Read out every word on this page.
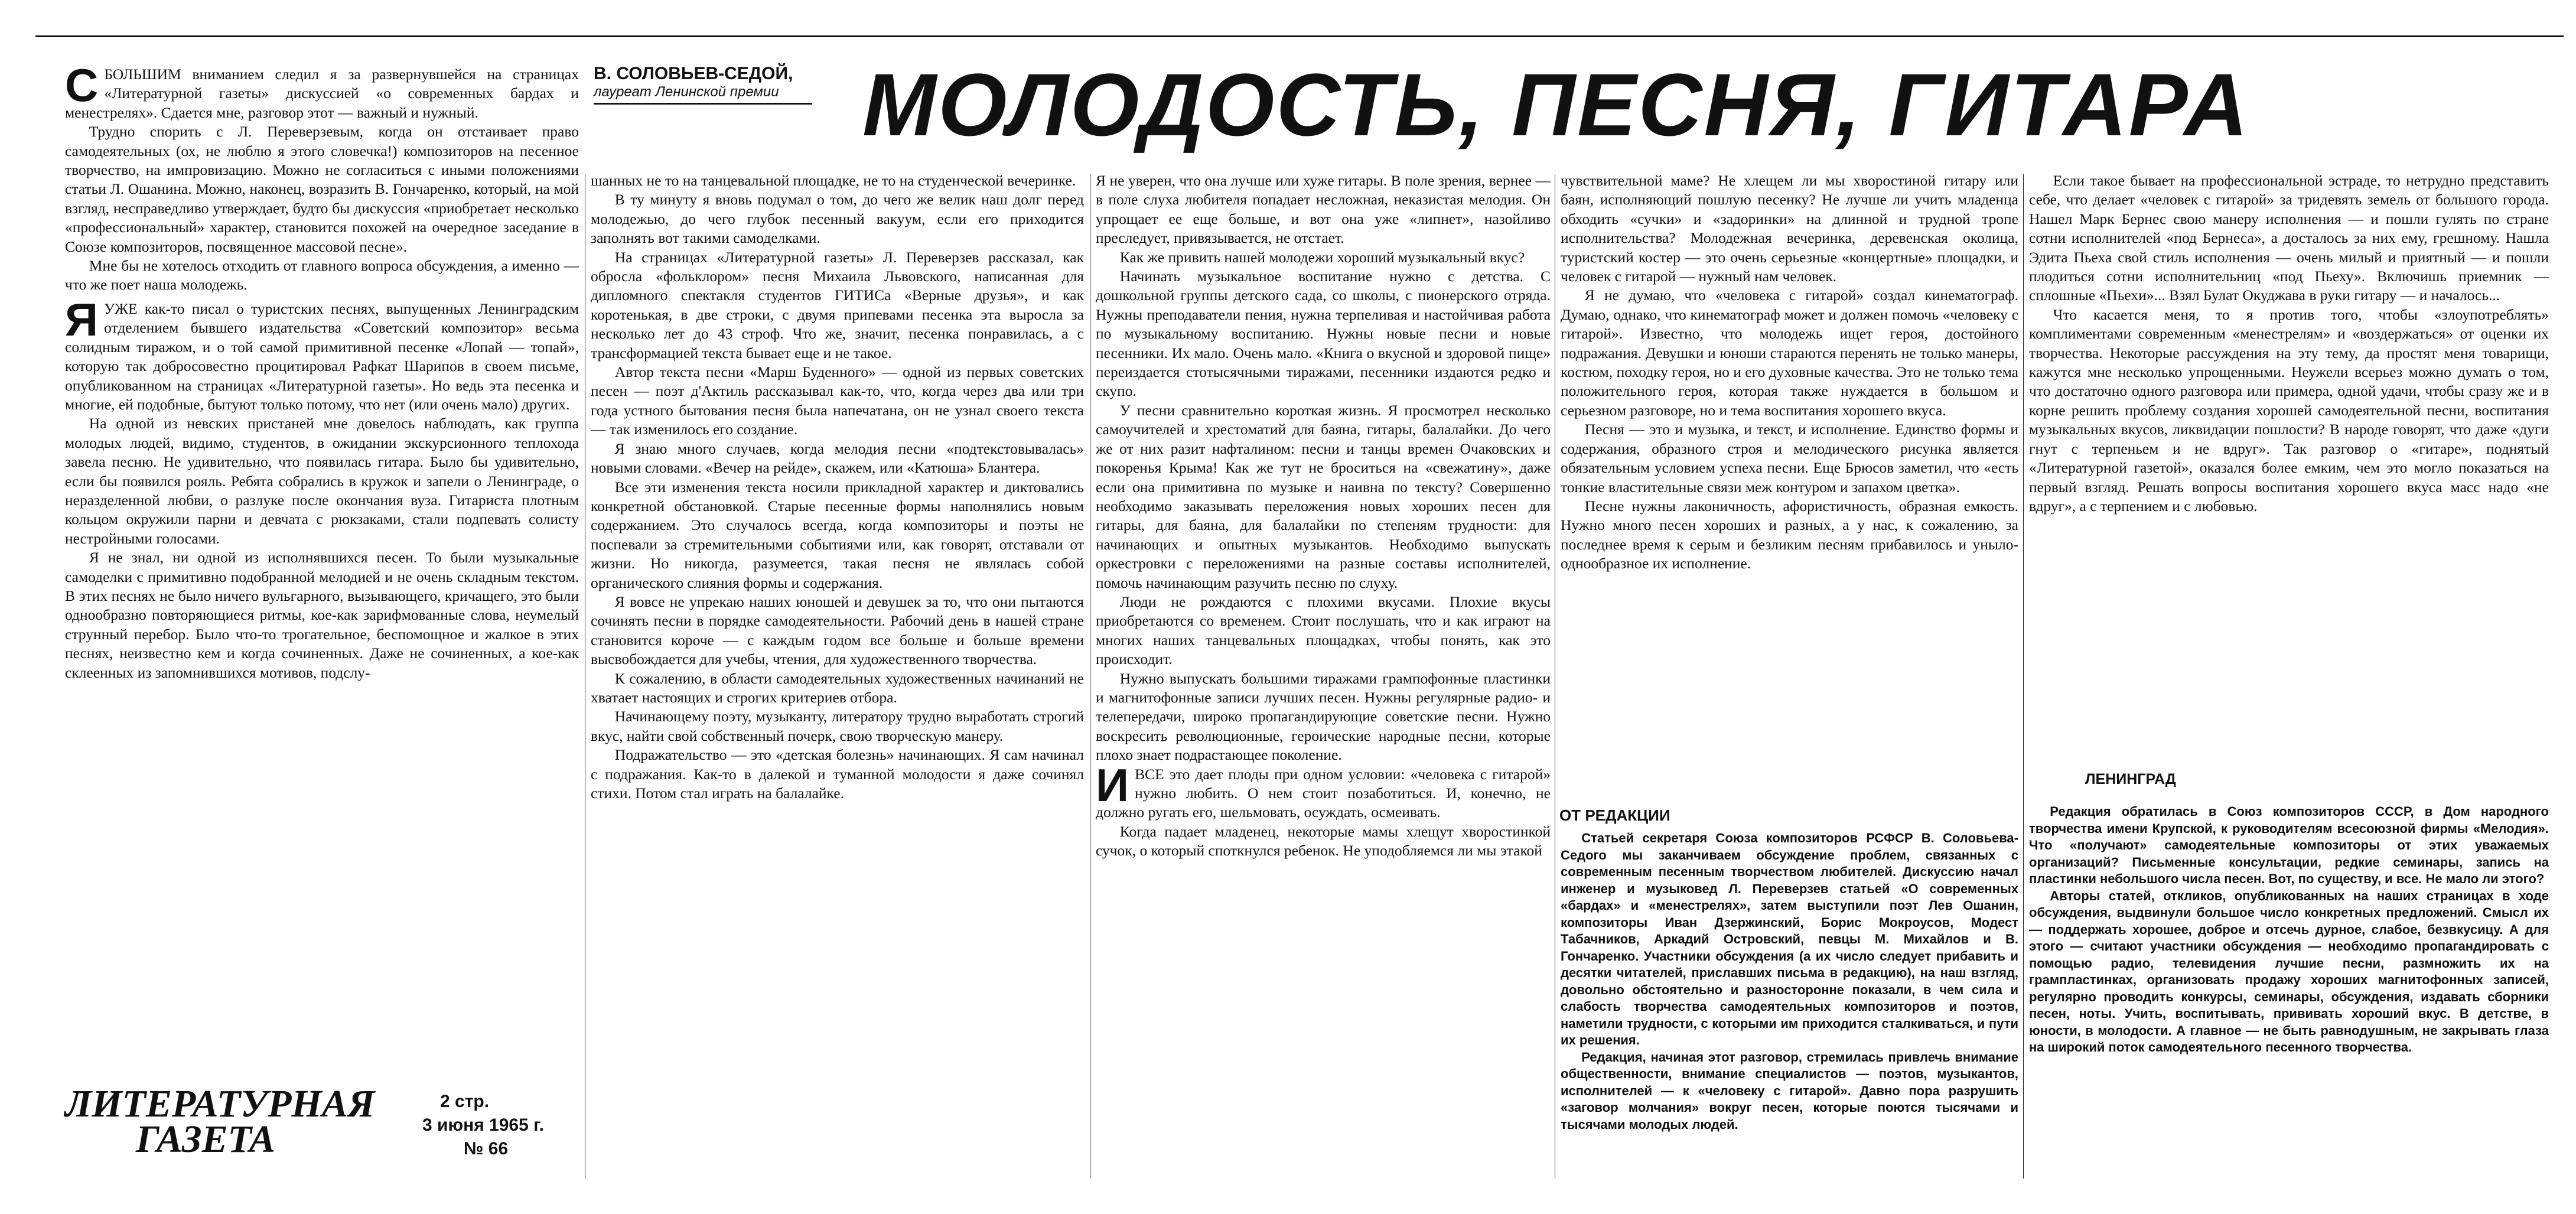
В. СОЛОВЬЕВ-СЕДОЙ,
лауреат Ленинской премии МОЛОДОСТЬ, ПЕСНЯ, ГИТАРА

СБОЛЬШИМ вниманием следил я за развернувшейся на страницах «Литературной газеты» дискуссией «о современных бардах и менестрелях». Сдается мне, разговор этот — важный и нужный.

Трудно спорить с Л. Переверзевым, когда он отстаивает право самодеятельных (ох, не люблю я этого словечка!) композиторов на песенное творчество, на импровизацию. Можно не согласиться с иными положениями статьи Л. Ошанина. Можно, наконец, возразить В. Гончаренко, который, на мой взгляд, несправедливо утверждает, будто бы дискуссия «приобретает несколько «профессиональный» характер, становится похожей на очередное заседание в Союзе композиторов, посвященное массовой песне».

Мне бы не хотелось отходить от главного вопроса обсуждения, а именно — что же поет наша молодежь.

ЯУЖЕ как-то писал о туристских песнях, выпущенных Ленинградским отделением бывшего издательства «Советский композитор» весьма солидным тиражом, и о той самой примитивной песенке «Лопай — топай», которую так добросовестно процитировал Рафкат Шарипов в своем письме, опубликованном на страницах «Литературной газеты». Но ведь эта песенка и многие, ей подобные, бытуют только потому, что нет (или очень мало) других.

На одной из невских пристаней мне довелось наблюдать, как группа молодых людей, видимо, студентов, в ожидании экскурсионного теплохода завела песню. Не удивительно, что появилась гитара. Было бы удивительно, если бы появился рояль. Ребята собрались в кружок и запели о Ленинграде, о неразделенной любви, о разлуке после окончания вуза. Гитариста плотным кольцом окружили парни и девчата с рюкзаками, стали подпевать солисту нестройными голосами.

Я не знал, ни одной из исполнявшихся песен. То были музыкальные самоделки с примитивно подобранной мелодией и не очень складным текстом. В этих песнях не было ничего вульгарного, вызывающего, кричащего, это были однообразно повторяющиеся ритмы, кое-как зарифмованные слова, неумелый струнный перебор. Было что-то трогательное, беспомощное и жалкое в этих песнях, неизвестно кем и когда сочиненных. Даже не сочиненных, а кое-как склеенных из запомнившихся мотивов, подслу-

шанных не то на танцевальной площадке, не то на студенческой вечеринке.

В ту минуту я вновь подумал о том, до чего же велик наш долг перед молодежью, до чего глубок песенный вакуум, если его приходится заполнять вот такими самоделками.

На страницах «Литературной газеты» Л. Переверзев рассказал, как обросла «фольклором» песня Михаила Львовского, написанная для дипломного спектакля студентов ГИТИСа «Верные друзья», и как коротенькая, в две строки, с двумя припевами песенка эта выросла за несколько лет до 43 строф. Что же, значит, песенка понравилась, а с трансформацией текста бывает еще и не такое.

Автор текста песни «Марш Буденного» — одной из первых советских песен — поэт д'Актиль рассказывал как-то, что, когда через два или три года устного бытования песня была напечатана, он не узнал своего текста — так изменилось его создание.

Я знаю много случаев, когда мелодия песни «подтекстовывалась» новыми словами. «Вечер на рейде», скажем, или «Катюша» Блантера.

Все эти изменения текста носили прикладной характер и диктовались конкретной обстановкой. Старые песенные формы наполнялись новым содержанием. Это случалось всегда, когда композиторы и поэты не поспевали за стремительными событиями или, как говорят, отставали от жизни. Но никогда, разумеется, такая песня не являлась собой органического слияния формы и содержания.

Я вовсе не упрекаю наших юношей и девушек за то, что они пытаются сочинять песни в порядке самодеятельности. Рабочий день в нашей стране становится короче — с каждым годом все больше и больше времени высвобождается для учебы, чтения, для художественного творчества.

К сожалению, в области самодеятельных художественных начинаний не хватает настоящих и строгих критериев отбора.

Начинающему поэту, музыканту, литератору трудно выработать строгий вкус, найти свой собственный почерк, свою творческую манеру.

Подражательство — это «детская болезнь» начинающих. Я сам начинал с подражания. Как-то в далекой и туманной молодости я даже сочинял стихи. Потом стал играть на балалайке.

Я не уверен, что она лучше или хуже гитары. В поле зрения, вернее — в поле слуха любителя попадает несложная, неказистая мелодия. Он упрощает ее еще больше, и вот она уже «липнет», назойливо преследует, привязывается, не отстает.

Как же привить нашей молодежи хороший музыкальный вкус?

Начинать музыкальное воспитание нужно с детства. С дошкольной группы детского сада, со школы, с пионерского отряда. Нужны преподаватели пения, нужна терпеливая и настойчивая работа по музыкальному воспитанию. Нужны новые песни и новые песенники. Их мало. Очень мало. «Книга о вкусной и здоровой пище» переиздается стотысячными тиражами, песенники издаются редко и скупо.

У песни сравнительно короткая жизнь. Я просмотрел несколько самоучителей и хрестоматий для баяна, гитары, балалайки. До чего же от них разит нафталином: песни и танцы времен Очаковских и покоренья Крыма! Как же тут не броситься на «свежатину», даже если она примитивна по музыке и наивна по тексту? Совершенно необходимо заказывать переложения новых хороших песен для гитары, для баяна, для балалайки по степеням трудности: для начинающих и опытных музыкантов. Необходимо выпускать оркестровки с переложениями на разные составы исполнителей, помочь начинающим разучить песню по слуху.

Люди не рождаются с плохими вкусами. Плохие вкусы приобретаются со временем. Стоит послушать, что и как играют на многих наших танцевальных площадках, чтобы понять, как это происходит.

Нужно выпускать большими тиражами грампофонные пластинки и магнитофонные записи лучших песен. Нужны регулярные радио- и телепередачи, широко пропагандирующие советские песни. Нужно воскресить революционные, героические народные песни, которые плохо знает подрастающее поколение.

ИВСЕ это дает плоды при одном условии: «человека с гитарой» нужно любить. О нем стоит позаботиться. И, конечно, не должно ругать его, шельмовать, осуждать, осмеивать.

Когда падает младенец, некоторые мамы хлещут хворостинкой сучок, о который споткнулся ребенок. Не уподобляемся ли мы этакой

чувствительной маме? Не хлещем ли мы хворостиной гитару или баян, исполняющий пошлую песенку? Не лучше ли учить младенца обходить «сучки» и «задоринки» на длинной и трудной тропе исполнительства? Молодежная вечеринка, деревенская околица, туристский костер — это очень серьезные «концертные» площадки, и человек с гитарой — нужный нам человек.

Я не думаю, что «человека с гитарой» создал кинематограф. Думаю, однако, что кинематограф может и должен помочь «человеку с гитарой». Известно, что молодежь ищет героя, достойного подражания. Девушки и юноши стараются перенять не только манеры, костюм, походку героя, но и его духовные качества. Это не только тема положительного героя, которая также нуждается в большом и серьезном разговоре, но и тема воспитания хорошего вкуса.

Песня — это и музыка, и текст, и исполнение. Единство формы и содержания, образного строя и мелодического рисунка является обязательным условием успеха песни. Еще Брюсов заметил, что «есть тонкие властительные связи меж контуром и запахом цветка».

Песне нужны лаконичность, афористичность, образная емкость. Нужно много песен хороших и разных, а у нас, к сожалению, за последнее время к серым и безликим песням прибавилось и уныло-однообразное их исполнение.

Если такое бывает на профессиональной эстраде, то нетрудно представить себе, что делает «человек с гитарой» за тридевять земель от большого города. Нашел Марк Бернес свою манеру исполнения — и пошли гулять по стране сотни исполнителей «под Бернеса», а досталось за них ему, грешному. Нашла Эдита Пьеха свой стиль исполнения — очень милый и приятный — и пошли плодиться сотни исполнительниц «под Пьеху». Включишь приемник — сплошные «Пьехи»... Взял Булат Окуджава в руки гитару — и началось...

Что касается меня, то я против того, чтобы «злоупотреблять» комплиментами современным «менестрелям» и «воздержаться» от оценки их творчества. Некоторые рассуждения на эту тему, да простят меня товарищи, кажутся мне несколько упрощенными. Неужели всерьез можно думать о том, что достаточно одного разговора или примера, одной удачи, чтобы сразу же и в корне решить проблему создания хорошей самодеятельной песни, воспитания музыкальных вкусов, ликвидации пошлости? В народе говорят, что даже «дуги гнут с терпеньем и не вдруг». Так разговор о «гитаре», поднятый «Литературной газетой», оказался более емким, чем это могло показаться на первый взгляд. Решать вопросы воспитания хорошего вкуса масс надо «не вдруг», а с терпением и с любовью.

ЛЕНИНГРАД
ОТ РЕДАКЦИИ

Статьей секретаря Союза композиторов РСФСР В. Соловьева-Седого мы заканчиваем обсуждение проблем, связанных с современным песенным творчеством любителей. Дискуссию начал инженер и музыковед Л. Переверзев статьей «О современных «бардах» и «менестрелях», затем выступили поэт Лев Ошанин, композиторы Иван Дзержинский, Борис Мокроусов, Модест Табачников, Аркадий Островский, певцы М. Михайлов и В. Гончаренко. Участники обсуждения (а их число следует прибавить и десятки читателей, приславших письма в редакцию), на наш взгляд, довольно обстоятельно и разносторонне показали, в чем сила и слабость творчества самодеятельных композиторов и поэтов, наметили трудности, с которыми им приходится сталкиваться, и пути их решения.

Редакция, начиная этот разговор, стремилась привлечь внимание общественности, внимание специалистов — поэтов, музыкантов, исполнителей — к «человеку с гитарой». Давно пора разрушить «заговор молчания» вокруг песен, которые поются тысячами и тысячами молодых людей.

Редакция обратилась в Союз композиторов СССР, в Дом народного творчества имени Крупской, к руководителям всесоюзной фирмы «Мелодия». Что «получают» самодеятельные композиторы от этих уважаемых организаций? Письменные консультации, редкие семинары, запись на пластинки небольшого числа песен. Вот, по существу, и все. Не мало ли этого?

Авторы статей, откликов, опубликованных на наших страницах в ходе обсуждения, выдвинули большое число конкретных предложений. Смысл их — поддержать хорошее, доброе и отсечь дурное, слабое, безвкусицу. А для этого — считают участники обсуждения — необходимо пропагандировать с помощью радио, телевидения лучшие песни, размножить их на грампластинках, организовать продажу хороших магнитофонных записей, регулярно проводить конкурсы, семинары, обсуждения, издавать сборники песен, ноты. Учить, воспитывать, прививать хороший вкус. В детстве, в юности, в молодости. А главное — не быть равнодушным, не закрывать глаза на широкий поток самодеятельного песенного творчества.

ЛИТЕРАТУРНАЯ
ГАЗЕТА
2 стр.
3 июня 1965 г.
№ 66
